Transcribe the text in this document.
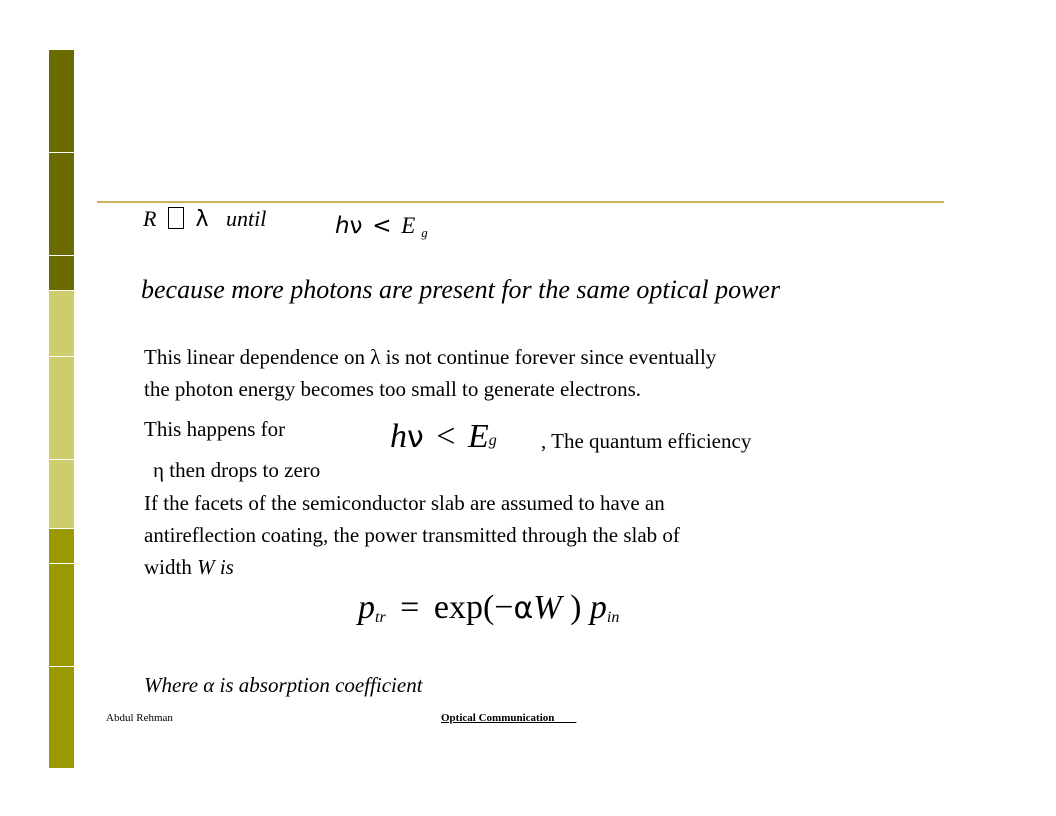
R λ until	hν < E g
because more photons are present for the same optical power
This linear dependence on λ is not continue forever since eventually
the photon energy becomes too small to generate electrons.
This happens for	hν < Eg , The quantum efficiency
η then drops to zero
If the facets of the semiconductor slab are assumed to have an
antireflection coating, the power transmitted through the slab of
width W is
ptr = exp(−αW ) pin
Where α is absorption coefficient
Abdul Rehman	Optical Communication
